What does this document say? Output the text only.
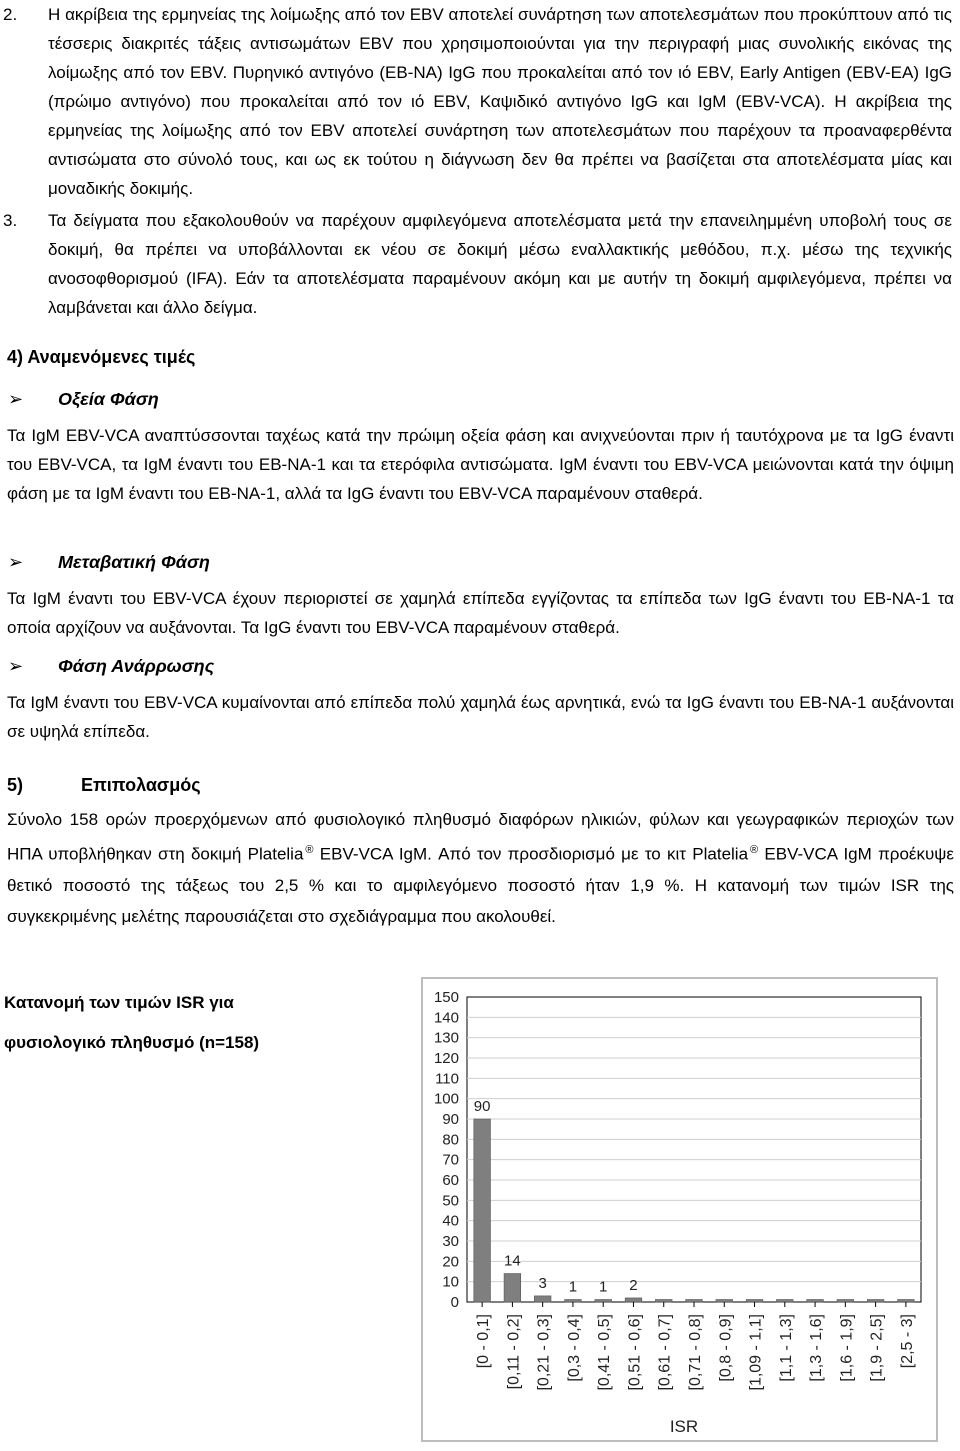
2.	Η ακρίβεια της ερμηνείας της λοίμωξης από τον EBV αποτελεί συνάρτηση των αποτελεσμάτων που προκύπτουν από τις τέσσερις διακριτές τάξεις αντισωμάτων EBV που χρησιμοποιούνται για την περιγραφή μιας συνολικής εικόνας της λοίμωξης από τον EBV. Πυρηνικό αντιγόνο (EB-NA) IgG που προκαλείται από τον ιό EBV, Early Antigen (EBV-EA) IgG (πρώιμο αντιγόνο) που προκαλείται από τον ιό EBV, Καψιδικό αντιγόνο IgG και IgM (EBV-VCA). Η ακρίβεια της ερμηνείας της λοίμωξης από τον EBV αποτελεί συνάρτηση των αποτελεσμάτων που παρέχουν τα προαναφερθέντα αντισώματα στο σύνολό τους, και ως εκ τούτου η διάγνωση δεν θα πρέπει να βασίζεται στα αποτελέσματα μίας και μοναδικής δοκιμής.
3.	Τα δείγματα που εξακολουθούν να παρέχουν αμφιλεγόμενα αποτελέσματα μετά την επανειλημμένη υποβολή τους σε δοκιμή, θα πρέπει να υποβάλλονται εκ νέου σε δοκιμή μέσω εναλλακτικής μεθόδου, π.χ. μέσω της τεχνικής ανοσοφθορισμού (IFA). Εάν τα αποτελέσματα παραμένουν ακόμη και με αυτήν τη δοκιμή αμφιλεγόμενα, πρέπει να λαμβάνεται και άλλο δείγμα.
4) Αναμενόμενες τιμές
➢	Οξεία Φάση
Τα IgM EBV-VCA αναπτύσσονται ταχέως κατά την πρώιμη οξεία φάση και ανιχνεύονται πριν ή ταυτόχρονα με τα IgG έναντι του EBV-VCA, τα IgM έναντι του EB-NA-1 και τα ετερόφιλα αντισώματα. IgM έναντι του EBV-VCA μειώνονται κατά την όψιμη φάση με τα IgM έναντι του EB-NA-1, αλλά τα IgG έναντι του EBV-VCA παραμένουν σταθερά.
➢	Μεταβατική Φάση
Τα IgM έναντι του EBV-VCA έχουν περιοριστεί σε χαμηλά επίπεδα εγγίζοντας τα επίπεδα των IgG έναντι του EB-NA-1 τα οποία αρχίζουν να αυξάνονται. Τα IgG έναντι του EBV-VCA παραμένουν σταθερά.
➢	Φάση Ανάρρωσης
Τα IgM έναντι του EBV-VCA κυμαίνονται από επίπεδα πολύ χαμηλά έως αρνητικά, ενώ τα IgG έναντι του EB-NA-1 αυξάνονται σε υψηλά επίπεδα.
5)	Επιπολασμός
Σύνολο 158 ορών προερχόμενων από φυσιολογικό πληθυσμό διαφόρων ηλικιών, φύλων και γεωγραφικών περιοχών των ΗΠΑ υποβλήθηκαν στη δοκιμή Platelia ® EBV-VCA IgM. Από τον προσδιορισμό με το κιτ Platelia ® EBV-VCA IgM προέκυψε θετικό ποσοστό της τάξεως του 2,5 % και το αμφιλεγόμενο ποσοστό ήταν 1,9 %. Η κατανομή των τιμών ISR της συγκεκριμένης μελέτης παρουσιάζεται στο σχεδιάγραμμα που ακολουθεί.
Κατανομή των τιμών ISR για
φυσιολογικό πληθυσμό (n=158)
0
10
20
30
40
50
60
70
80
90
100
110
120
130
140
150
90
[0 - 0,1]
14
[0,11 - 0,2]
3
[0,21 - 0,3]
1
[0,3 - 0,4]
1
[0,41 - 0,5]
2
[0,51 - 0,6] [0,61 - 0,7] [0,71 - 0,8] [0,8 - 0,9] [1,09 - 1,1] [1,1 - 1,3] [1,3 - 1,6] [1,6 - 1,9] [1,9 - 2,5] [2,5 - 3]
ISR
